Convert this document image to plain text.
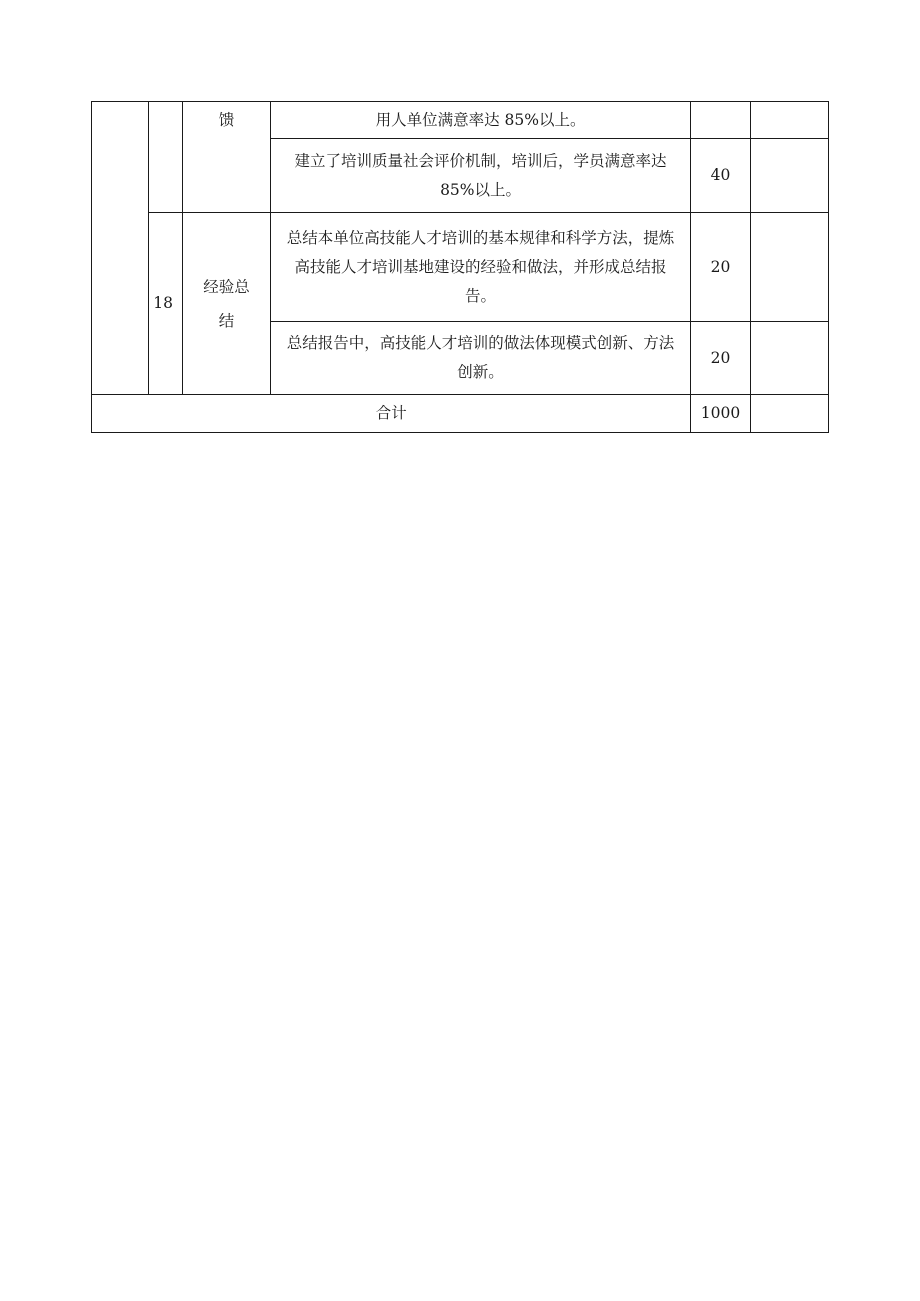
		馈	用人单位满意率达 85%以上。		
			建立了培训质量社会评价机制，培训后，学员满意率达 85%以上。	40	
	18	经验总结	总结本单位高技能人才培训的基本规律和科学方法，提炼高技能人才培训基地建设的经验和做法，并形成总结报告。	20	
			总结报告中，高技能人才培训的做法体现模式创新、方法创新。	20	
合计				1000	
